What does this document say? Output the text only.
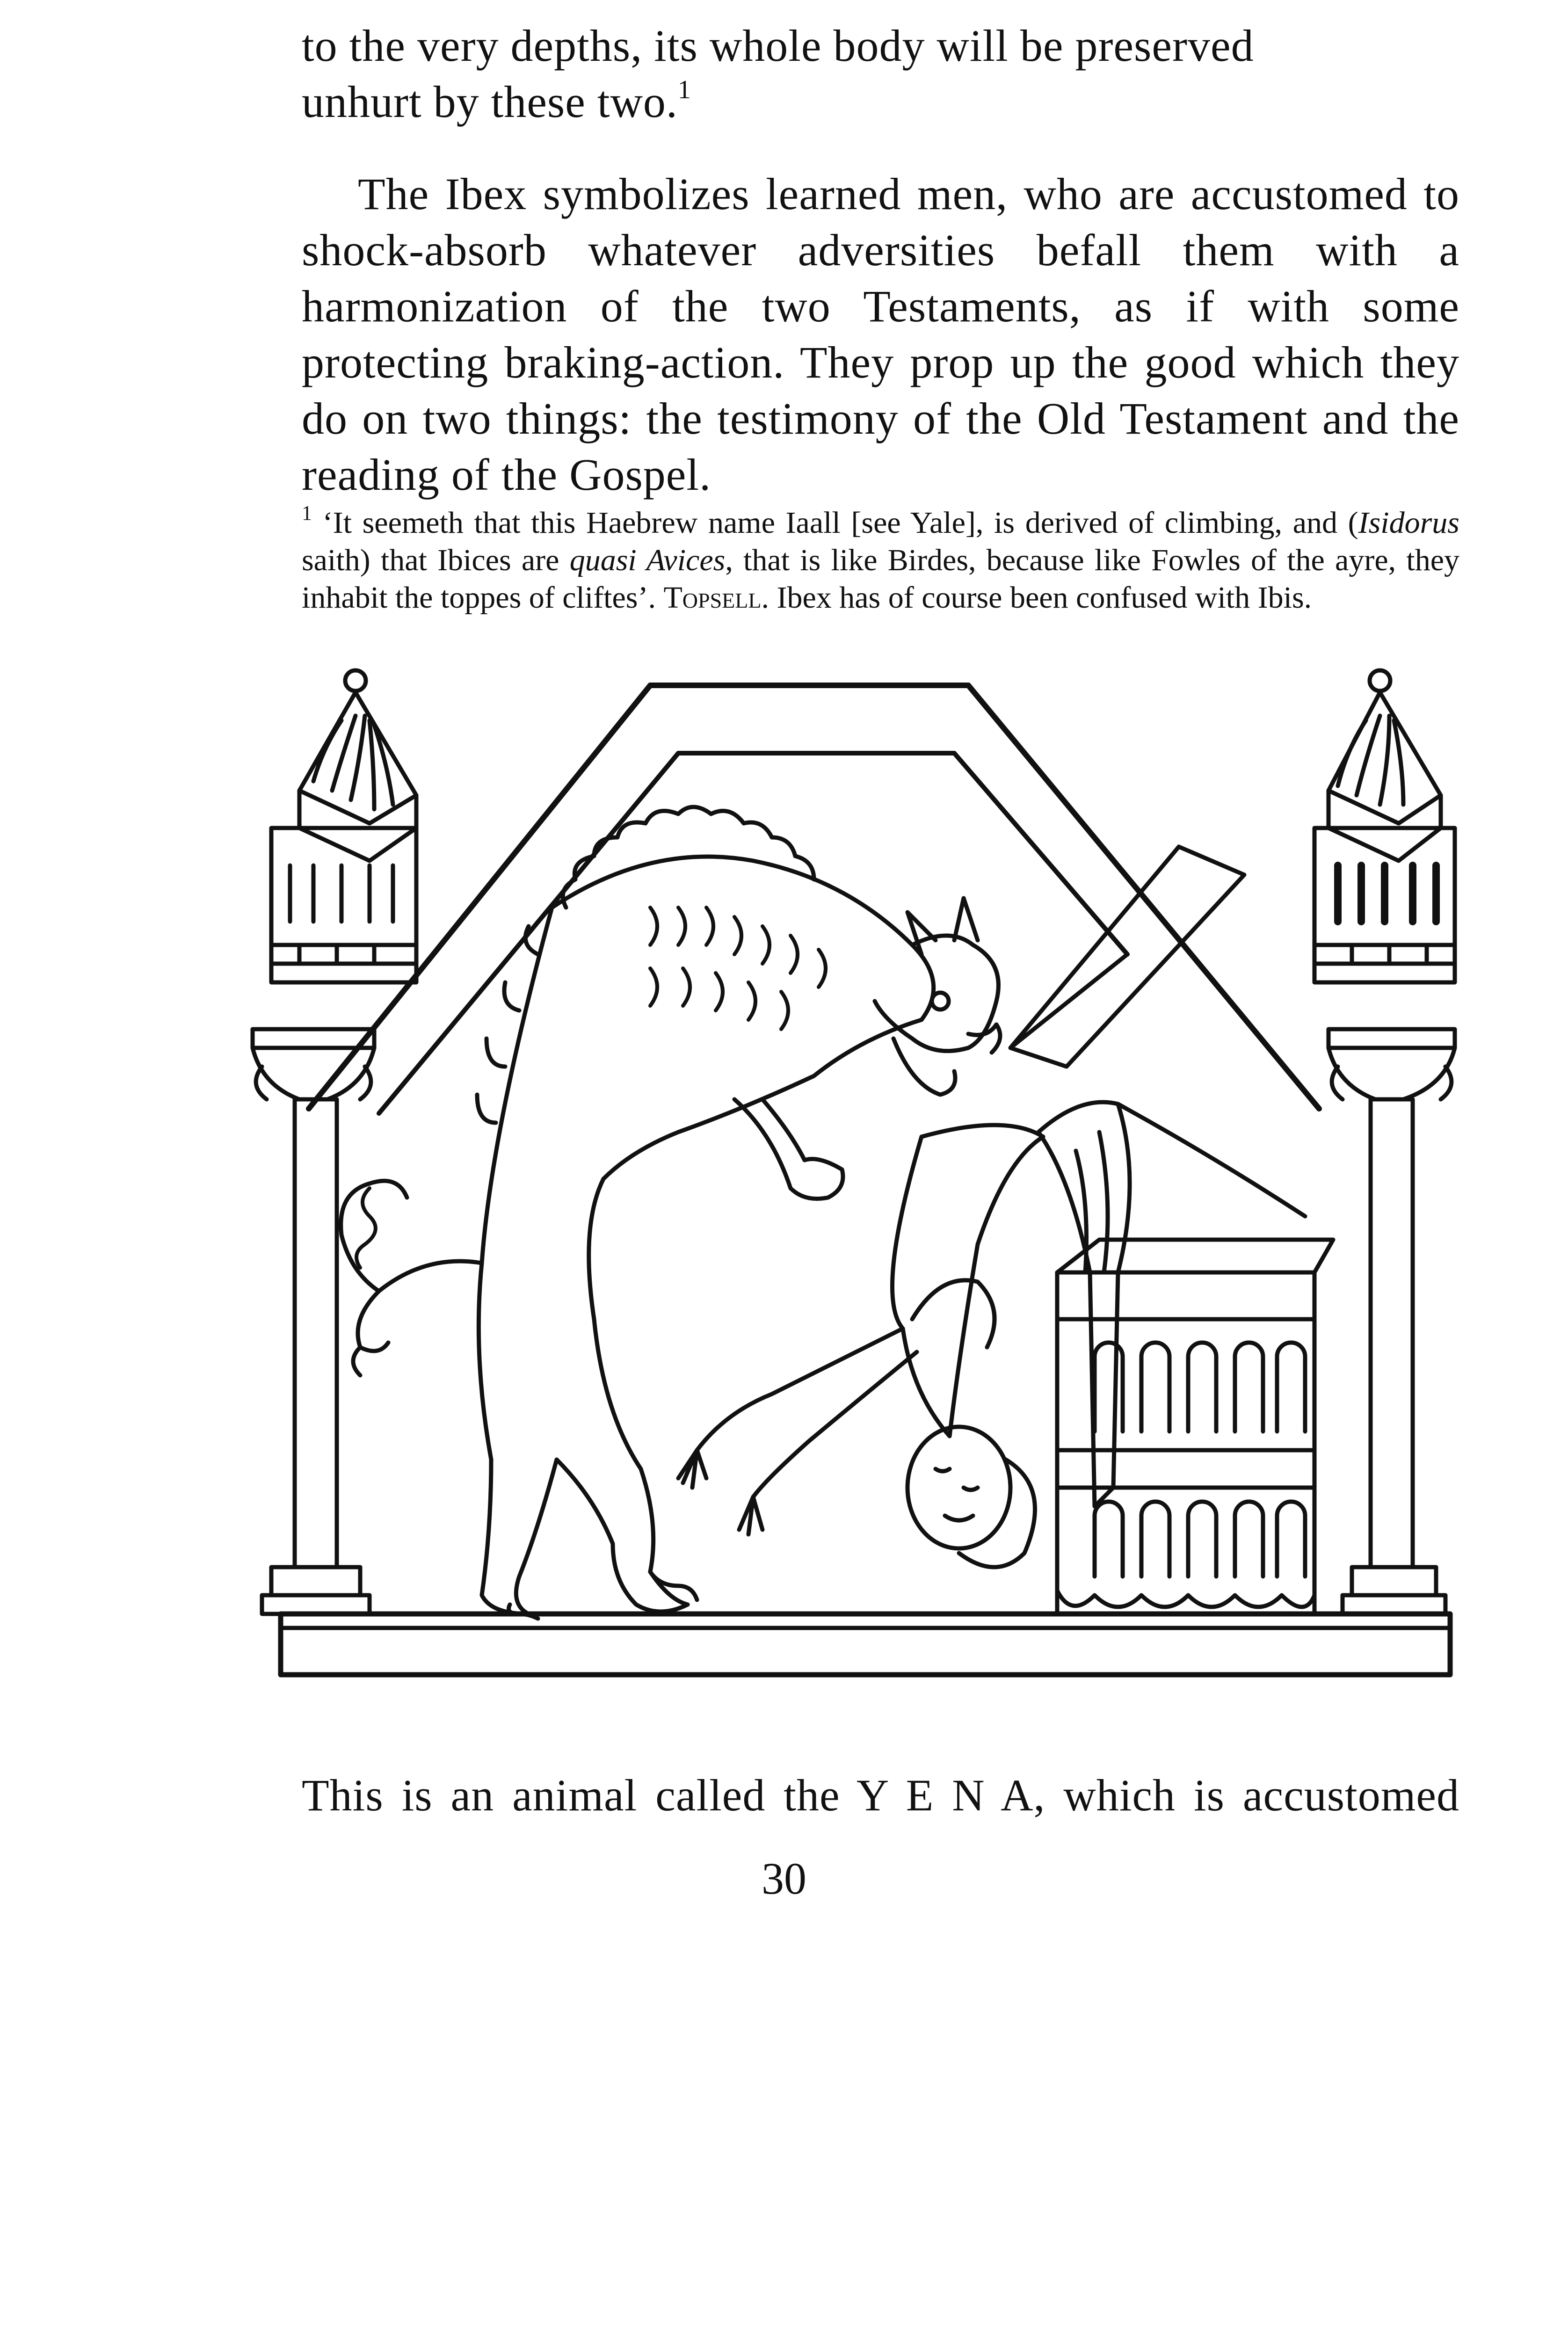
to the very depths, its whole body will be preserved
unhurt by these two.$^1$

The Ibex symbolizes learned men, who are accustomed to shock-absorb whatever adversities befall them with a harmonization of the two Testaments, as if with some protecting braking-action. They prop up the good which they do on two things: the testimony of the Old Testament and the reading of the Gospel.

$^1$ ‘It seemeth that this Haebrew name Iaall [see Yale], is derived of climbing, and (Isidorus saith) that Ibices are quasi Avices, that is like Birdes, because like Fowles of the ayre, they inhabit the toppes of cliftes’. Topsell. Ibex has of course been confused with Ibis.

This is an animal called the Y E N A, which is accustomed

30
